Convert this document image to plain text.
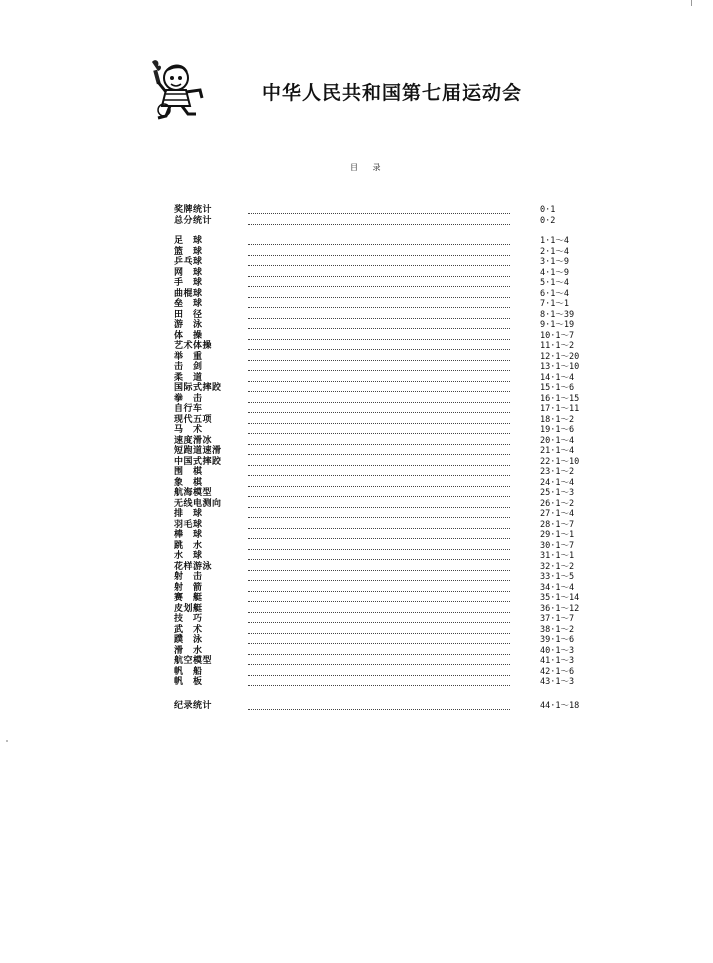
中华人民共和国第七届运动会
目 录
奖牌统计	0·1
总分统计	0·2
足　球	1·1～4
篮　球	2·1～4
乒乓球	3·1～9
网　球	4·1～9
手　球	5·1～4
曲棍球	6·1～4
垒　球	7·1～1
田　径	8·1～39
游　泳	9·1～19
体　操	10·1～7
艺术体操	11·1～2
举　重	12·1～20
击　剑	13·1～10
柔　道	14·1～4
国际式摔跤	15·1～6
拳　击	16·1～15
自行车	17·1～11
现代五项	18·1～2
马　术	19·1～6
速度滑冰	20·1～4
短跑道速滑	21·1～4
中国式摔跤	22·1～10
围　棋	23·1～2
象　棋	24·1～4
航海模型	25·1～3
无线电测向	26·1～2
排　球	27·1～4
羽毛球	28·1～7
棒　球	29·1～1
跳　水	30·1～7
水　球	31·1～1
花样游泳	32·1～2
射　击	33·1～5
射　箭	34·1～4
赛　艇	35·1～14
皮划艇	36·1～12
技　巧	37·1～7
武　术	38·1～2
蹼　泳	39·1～6
滑　水	40·1～3
航空模型	41·1～3
帆　船	42·1～6
帆　板	43·1～3
纪录统计	44·1～18
